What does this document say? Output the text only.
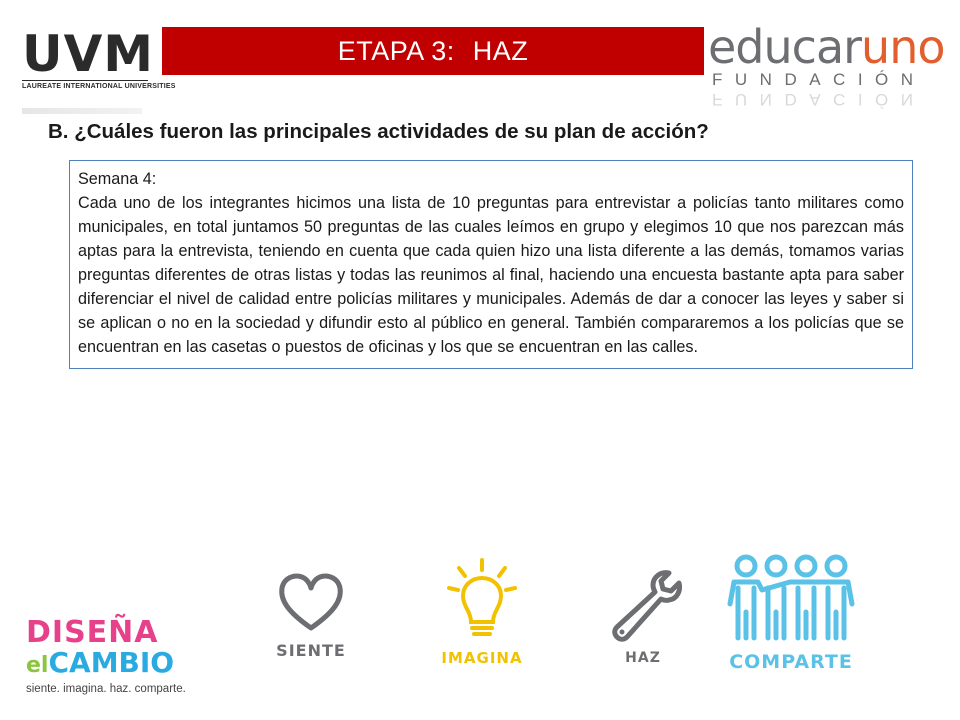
UVM
LAUREATE INTERNATIONAL UNIVERSITIES
ETAPA 3: HAZ	educaruno
FUNDACIÓN
FUNDACIÓN
B. ¿Cuáles fueron las principales actividades de su plan de acción?
Semana 4:
Cada uno de los integrantes hicimos una lista de 10 preguntas para entrevistar a policías tanto militares como municipales, en total juntamos 50 preguntas de las cuales leímos en grupo y elegimos 10 que nos parezcan más aptas para la entrevista, teniendo en cuenta que cada quien hizo una lista diferente a las demás, tomamos varias preguntas diferentes de otras listas y todas las reunimos al final, haciendo una encuesta bastante apta para saber diferenciar el nivel de calidad entre policías militares y municipales. Además de dar a conocer las leyes y saber si se aplican o no en la sociedad y difundir esto al público en general. También compararemos a los policías que se encuentran en las casetas o puestos de oficinas y los que se encuentran en las calles.
DISEÑA
elCAMBIO
siente. imagina. haz. comparte.
SIENTE	IMAGINA	HAZ	COMPARTE
